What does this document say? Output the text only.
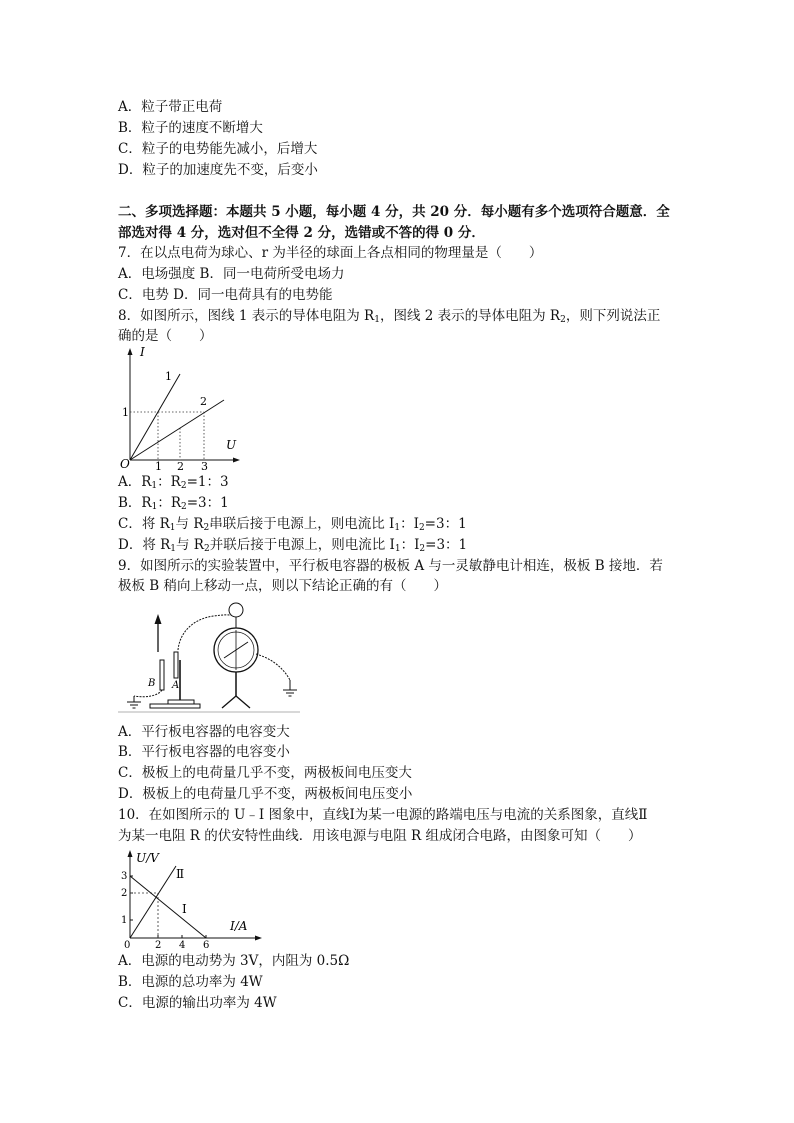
A．粒子带正电荷
B．粒子的速度不断增大
C．粒子的电势能先减小，后增大
D．粒子的加速度先不变，后变小
二、多项选择题：本题共 5 小题，每小题 4 分，共 20 分．每小题有多个选项符合题意．全
部选对得 4 分，选对但不全得 2 分，选错或不答的得 0 分．
7．在以点电荷为球心、r 为半径的球面上各点相同的物理量是（　　）
A．电场强度 B．同一电荷所受电场力
C．电势 D．同一电荷具有的电势能
8．如图所示，图线 1 表示的导体电阻为 $R_1$，图线 2 表示的导体电阻为 $R_2$，则下列说法正
确的是（　　）
I
U
O
1
1 2 3
1
2
A．$R_1$：$R_2=1$：3
B．$R_1$：$R_2=3$：1
C．将 $R_1$与 $R_2$串联后接于电源上，则电流比 $I_1$：$I_2=3$：1
D．将 $R_1$与 $R_2$并联后接于电源上，则电流比 $I_1$：$I_2=3$：1
9．如图所示的实验装置中，平行板电容器的极板 A 与一灵敏静电计相连，极板 B 接地．若
极板 B 稍向上移动一点，则以下结论正确的有（　　）
B A
A．平行板电容器的电容变大
B．平行板电容器的电容变小
C．极板上的电荷量几乎不变，两极板间电压变大
D．极板上的电荷量几乎不变，两极板间电压变小
10．在如图所示的 U﹣I 图象中，直线Ⅰ为某一电源的路端电压与电流的关系图象，直线Ⅱ
为某一电阻 R 的伏安特性曲线．用该电源与电阻 R 组成闭合电路，由图象可知（　　）
U/V
I/A
0 2 4 6
1
2
3
Ⅰ
Ⅱ
A．电源的电动势为 3V，内阻为 0.5Ω
B．电源的总功率为 4W
C．电源的输出功率为 4W
